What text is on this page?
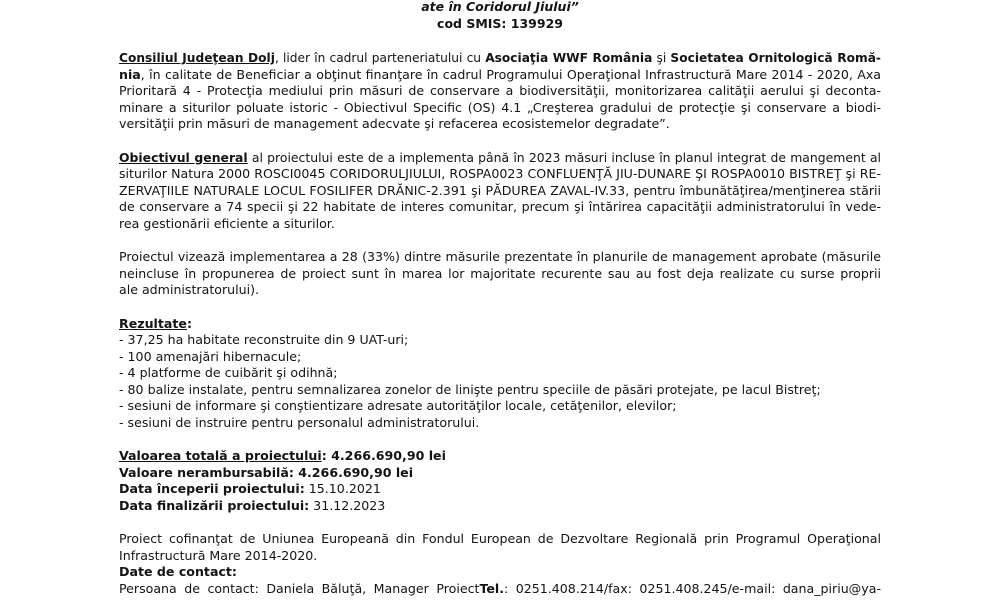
ate în Coridorul Jiului”
cod SMIS: 139929
Consiliul Judeţean Dolj, lider în cadrul parteneriatului cu Asociaţia WWF România şi Societatea Ornitologică Romă-
nia, în calitate de Beneficiar a obţinut finanţare în cadrul Programului Operaţional Infrastructură Mare 2014 - 2020, Axa
Prioritară 4 - Protecţia mediului prin măsuri de conservare a biodiversităţii, monitorizarea calităţii aerului şi deconta-
minare a siturilor poluate istoric - Obiectivul Specific (OS) 4.1 „Creşterea gradului de protecţie şi conservare a biodi-
versităţii prin măsuri de management adecvate şi refacerea ecosistemelor degradate”.
Obiectivul general al proiectului este de a implementa până în 2023 măsuri incluse în planul integrat de mangement al
siturilor Natura 2000 ROSCI0045 CORIDORULJIULUI, ROSPA0023 CONFLUENŢĂ JIU-DUNARE ŞI ROSPA0010 BISTREŢ şi RE-
ZERVAŢIILE NATURALE LOCUL FOSILIFER DRĂNIC-2.391 şi PĂDUREA ZAVAL-IV.33, pentru îmbunătăţirea/menţinerea stării
de conservare a 74 specii şi 22 habitate de interes comunitar, precum şi întărirea capacităţii administratorului în vede-
rea gestionării eficiente a siturilor.
Proiectul vizează implementarea a 28 (33%) dintre măsurile prezentate în planurile de management aprobate (măsurile
neincluse în propunerea de proiect sunt în marea lor majoritate recurente sau au fost deja realizate cu surse proprii
ale administratorului).
Rezultate:
- 37,25 ha habitate reconstruite din 9 UAT-uri;
- 100 amenajări hibernacule;
- 4 platforme de cuibărit şi odihnă;
- 80 balize instalate, pentru semnalizarea zonelor de linişte pentru speciile de păsări protejate, pe lacul Bistreţ;
- sesiuni de informare şi conştientizare adresate autorităţilor locale, cetăţenilor, elevilor;
- sesiuni de instruire pentru personalul administratorului.
Valoarea totală a proiectului: 4.266.690,90 lei
Valoare nerambursabilă: 4.266.690,90 lei
Data începerii proiectului: 15.10.2021
Data finalizării proiectului: 31.12.2023
Proiect cofinanţat de Uniunea Europeană din Fondul European de Dezvoltare Regională prin Programul Operaţional
Infrastructură Mare 2014-2020.
Date de contact:
Persoana de contact: Daniela Băluţă, Manager ProiectTel.: 0251.408.214/fax: 0251.408.245/e-mail: dana_piriu@ya-
